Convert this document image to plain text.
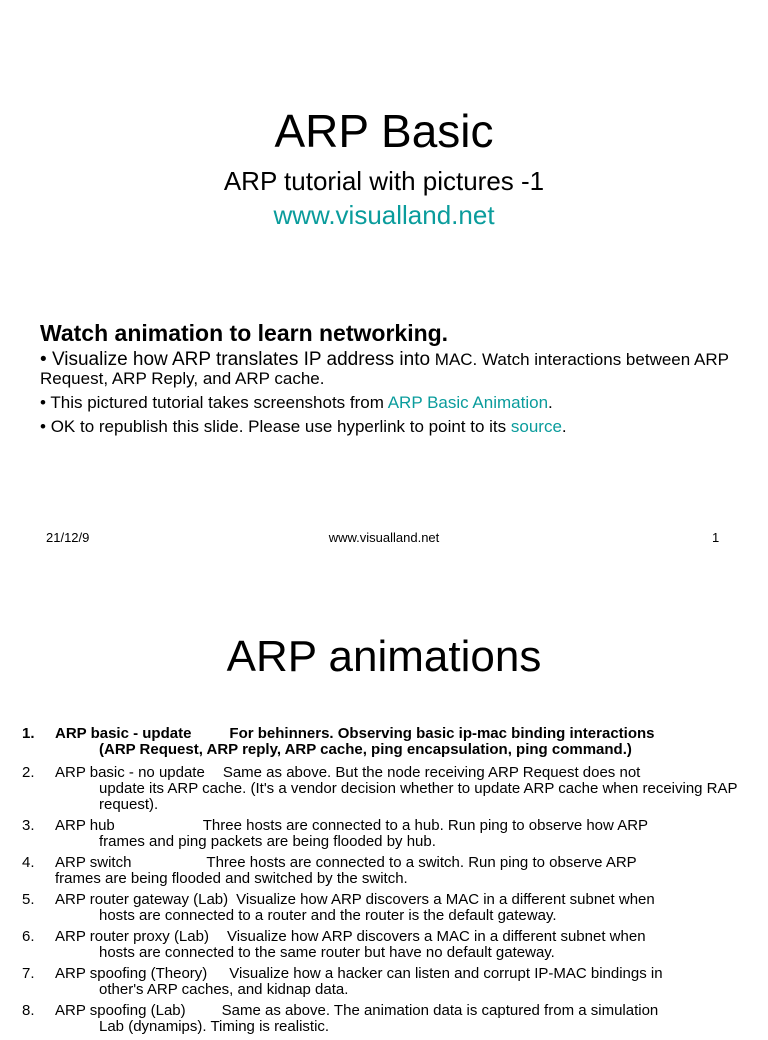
ARP Basic
ARP tutorial with pictures -1
www.visualland.net
Watch animation to learn networking.
• Visualize how ARP translates IP address into MAC. Watch interactions between ARP Request, ARP Reply, and ARP cache.
• This pictured tutorial takes screenshots from ARP Basic Animation.
• OK to republish this slide. Please use hyperlink to point to its source.
21/12/9	www.visualland.net	1
ARP animations
1. ARP basic - update	For behinners. Observing basic ip-mac binding interactions
(ARP Request, ARP reply, ARP cache, ping encapsulation, ping command.)
2. ARP basic - no update Same as above. But the node receiving ARP Request does not
update its ARP cache. (It's a vendor decision whether to update ARP cache when receiving RAP request).
3. ARP hub	Three hosts are connected to a hub. Run ping to observe how ARP
frames and ping packets are being flooded by hub.
4. ARP switch	Three hosts are connected to a switch. Run ping to observe ARP
frames are being flooded and switched by the switch.
5. ARP router gateway (Lab) Visualize how ARP discovers a MAC in a different subnet when
hosts are connected to a router and the router is the default gateway.
6. ARP router proxy (Lab) Visualize how ARP discovers a MAC in a different subnet when
hosts are connected to the same router but have no default gateway.
7. ARP spoofing (Theory) Visualize how a hacker can listen and corrupt IP-MAC bindings in
other's ARP caches, and kidnap data.
8. ARP spoofing (Lab) Same as above. The animation data is captured from a simulation
Lab (dynamips). Timing is realistic.
